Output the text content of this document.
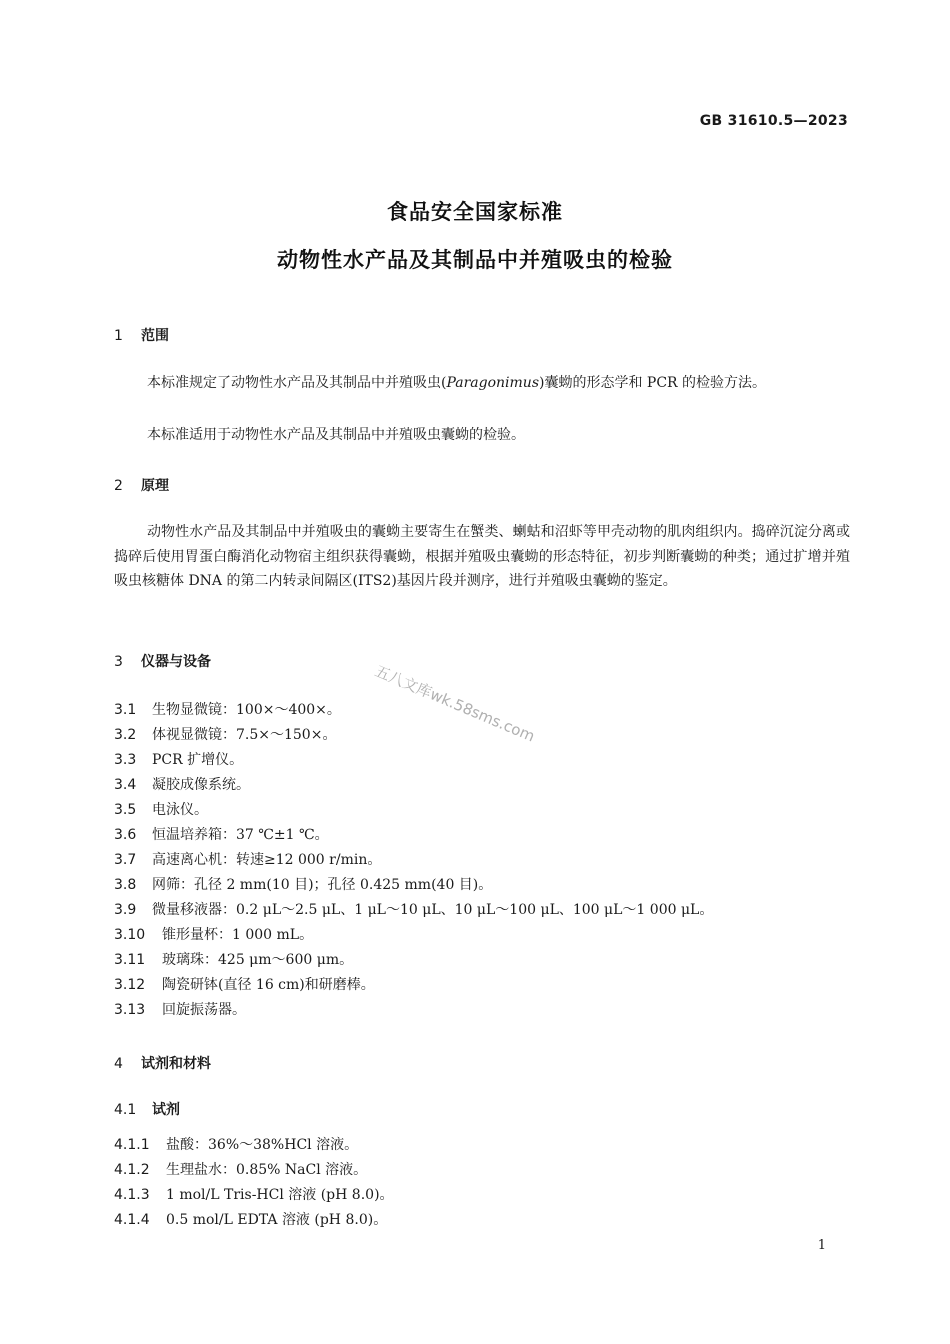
GB 31610.5—2023
食品安全国家标准
动物性水产品及其制品中并殖吸虫的检验
1 范围
本标准规定了动物性水产品及其制品中并殖吸虫(Paragonimus)囊蚴的形态学和 PCR 的检验方法。
本标准适用于动物性水产品及其制品中并殖吸虫囊蚴的检验。
2 原理
动物性水产品及其制品中并殖吸虫的囊蚴主要寄生在蟹类、蝲蛄和沼虾等甲壳动物的肌肉组织内。捣碎沉淀分离或捣碎后使用胃蛋白酶消化动物宿主组织获得囊蚴，根据并殖吸虫囊蚴的形态特征，初步判断囊蚴的种类；通过扩增并殖吸虫核糖体 DNA 的第二内转录间隔区(ITS2)基因片段并测序，进行并殖吸虫囊蚴的鉴定。
3 仪器与设备
3.1 生物显微镜：100×～400×。
3.2 体视显微镜：7.5×～150×。
3.3 PCR 扩增仪。
3.4 凝胶成像系统。
3.5 电泳仪。
3.6 恒温培养箱：37 ℃±1 ℃。
3.7 高速离心机：转速≥12 000 r/min。
3.8 网筛：孔径 2 mm(10 目)；孔径 0.425 mm(40 目)。
3.9 微量移液器：0.2 μL～2.5 μL、1 μL～10 μL、10 μL～100 μL、100 μL～1 000 μL。
3.10 锥形量杯：1 000 mL。
3.11 玻璃珠：425 μm～600 μm。
3.12 陶瓷研钵(直径 16 cm)和研磨棒。
3.13 回旋振荡器。
4 试剂和材料
4.1 试剂
4.1.1 盐酸：36%～38%HCl 溶液。
4.1.2 生理盐水：0.85% NaCl 溶液。
4.1.3 1 mol/L Tris-HCl 溶液 (pH 8.0)。
4.1.4 0.5 mol/L EDTA 溶液 (pH 8.0)。
五八文库wk.58sms.com
1
